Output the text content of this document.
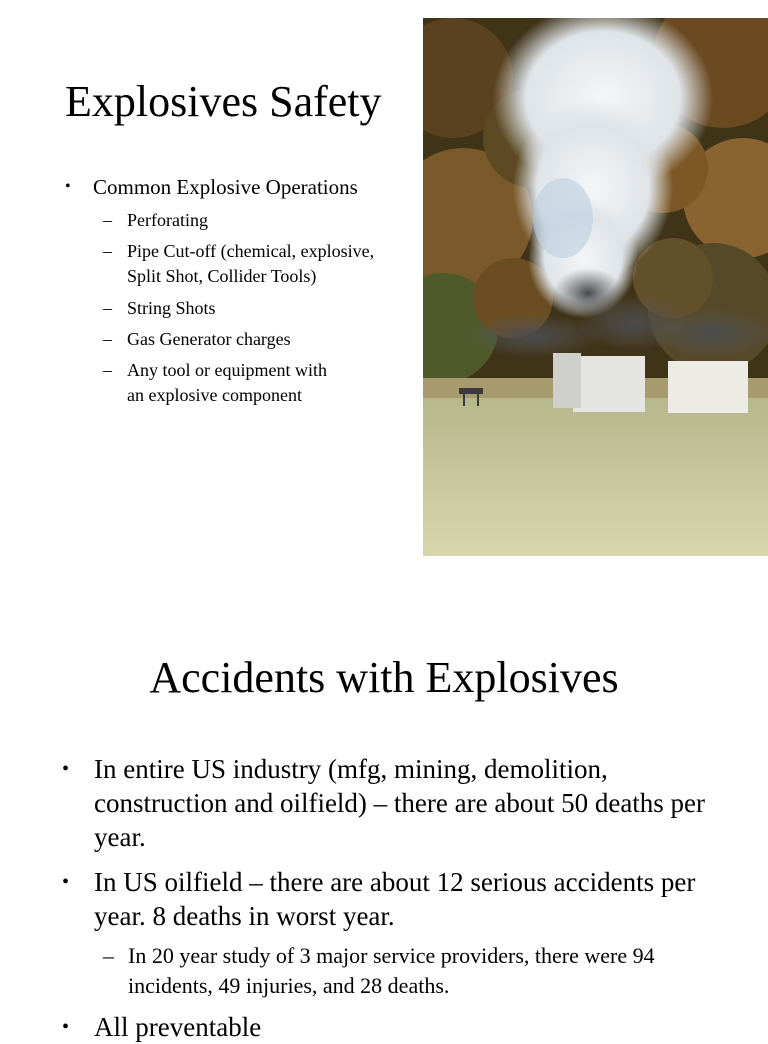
Explosives Safety
• Common Explosive Operations
– Perforating
– Pipe Cut-off (chemical, explosive,
Split Shot, Collider Tools)
– String Shots
– Gas Generator charges
– Any tool or equipment with
an explosive component
Accidents with Explosives
• In entire US industry (mfg, mining, demolition, construction and oilfield) – there are about 50 deaths per year.
• In US oilfield – there are about 12 serious accidents per year. 8 deaths in worst year.
– In 20 year study of 3 major service providers, there were 94 incidents, 49 injuries, and 28 deaths.
• All preventable
